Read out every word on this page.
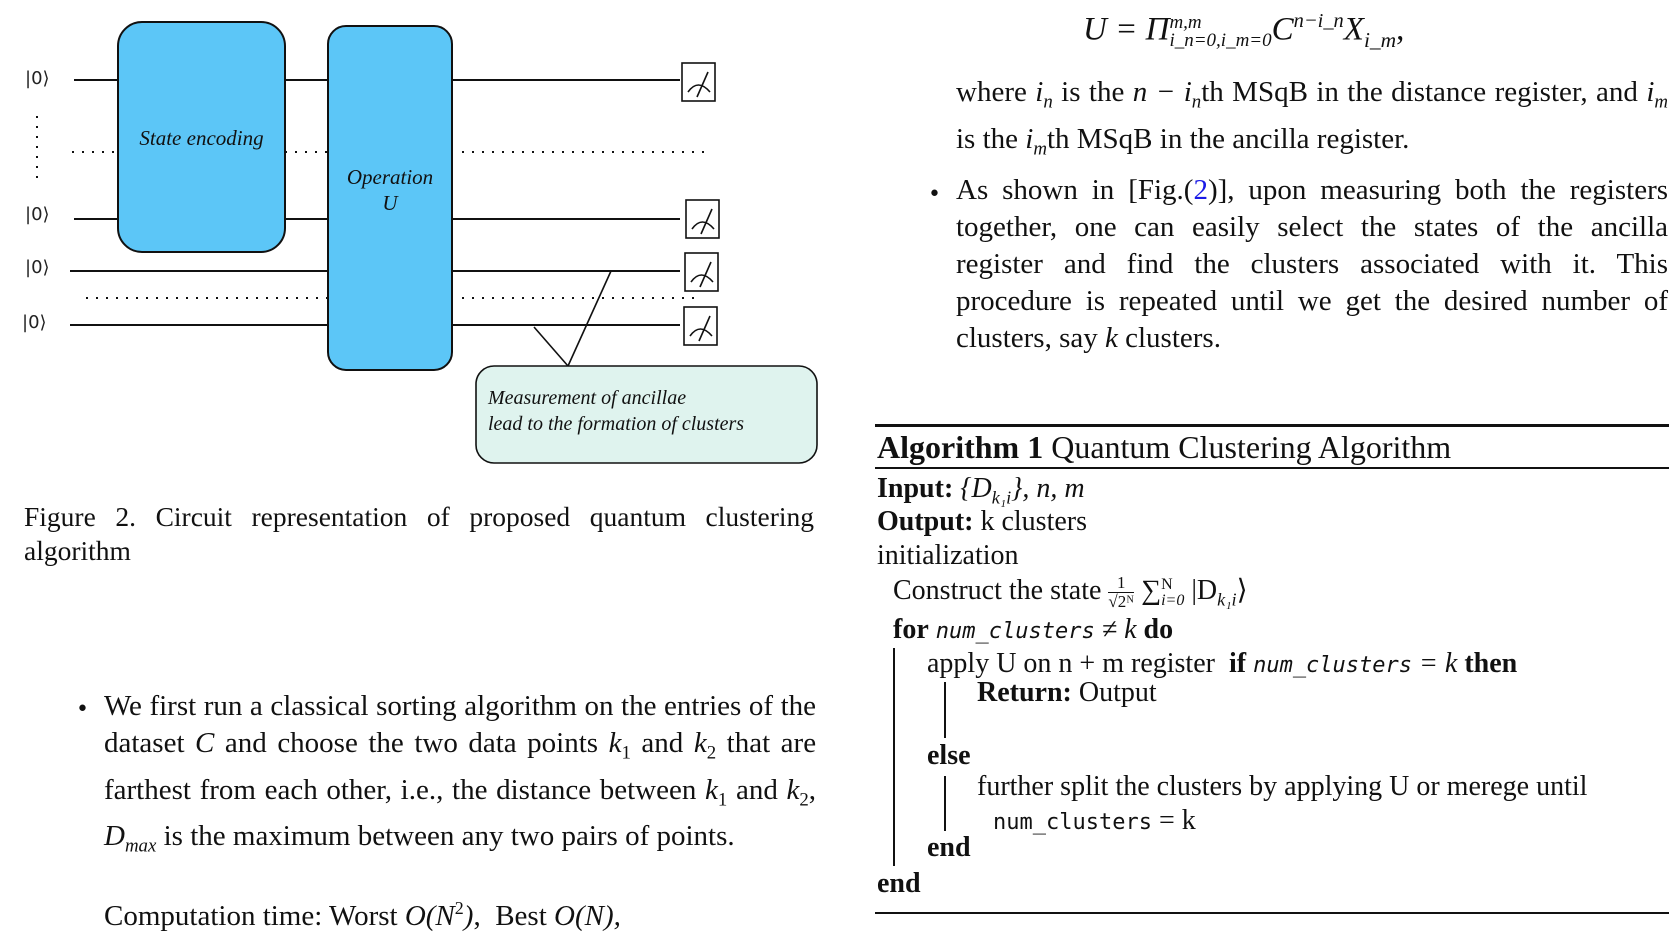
|0⟩
|0⟩
|0⟩
|0⟩
State encoding
Operation
U
Measurement of ancillae
lead to the formation of clusters
Figure 2. Circuit representation of proposed quantum clustering algorithm
• We first run a classical sorting algorithm on the entries of the dataset C and choose the two data points $k_1$ and $k_2$ that are farthest from each other, i.e., the distance between $k_1$ and $k_2$, $D_{max}$ is the maximum between any two pairs of points.
Computation time: Worst $O(N^2)$,  Best O(N),
U = Π m,m
i_n=0,i_m=0 $C^{n-i\_n}X_{i\_m}$,
where $i_n$ is the $n - i_nth$ MSqB in the distance register, and $i_m$ is the $i_mth$ MSqB in the ancilla register.
• As shown in [Fig.(2)], upon measuring both the registers together, one can easily select the states of the ancilla register and find the clusters associated with it. This procedure is repeated until we get the desired number of clusters, say k clusters.
Algorithm 1 Quantum Clustering Algorithm
Input: $\{D_{k_1i}\}$, n, m
Output: k clusters
initialization
Construct the state $\frac{1}{\text{√2ᴺ}}$ ∑ N
i=0 $|D_{k_1i}⟩$
for num_clusters ≠ k do
apply U on n + m register if num_clusters = k then
Return: Output
else
further split the clusters by applying U or merege until
num_clusters = k
end
end
